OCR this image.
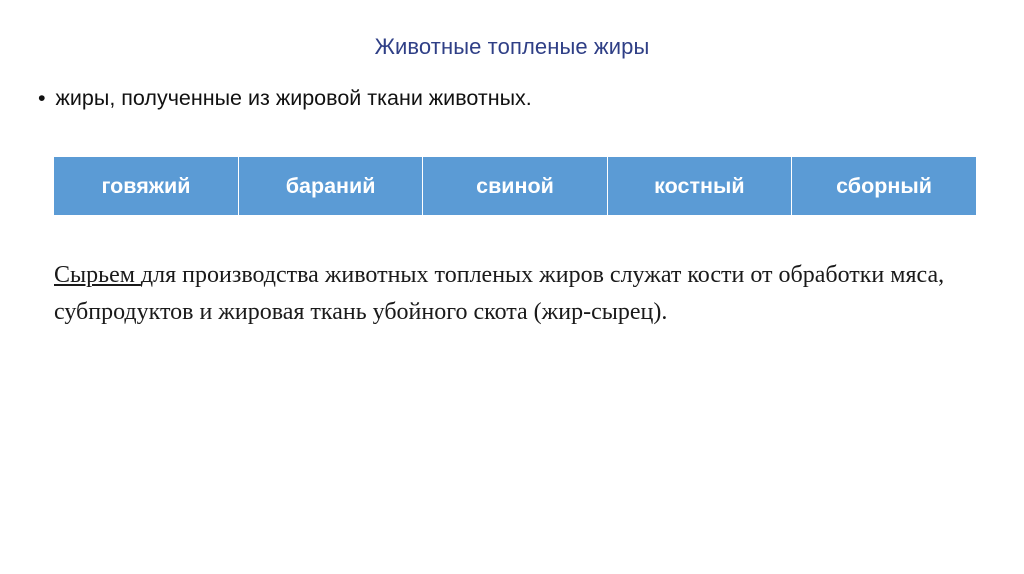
Животные топленые жиры
• жиры, полученные из жировой ткани животных.
говяжий	бараний	свиной	костный	сборный
Сырьем для производства животных топленых жиров служат кости от обработки мяса, субпродуктов и жировая ткань убойного скота (жир-сырец).
